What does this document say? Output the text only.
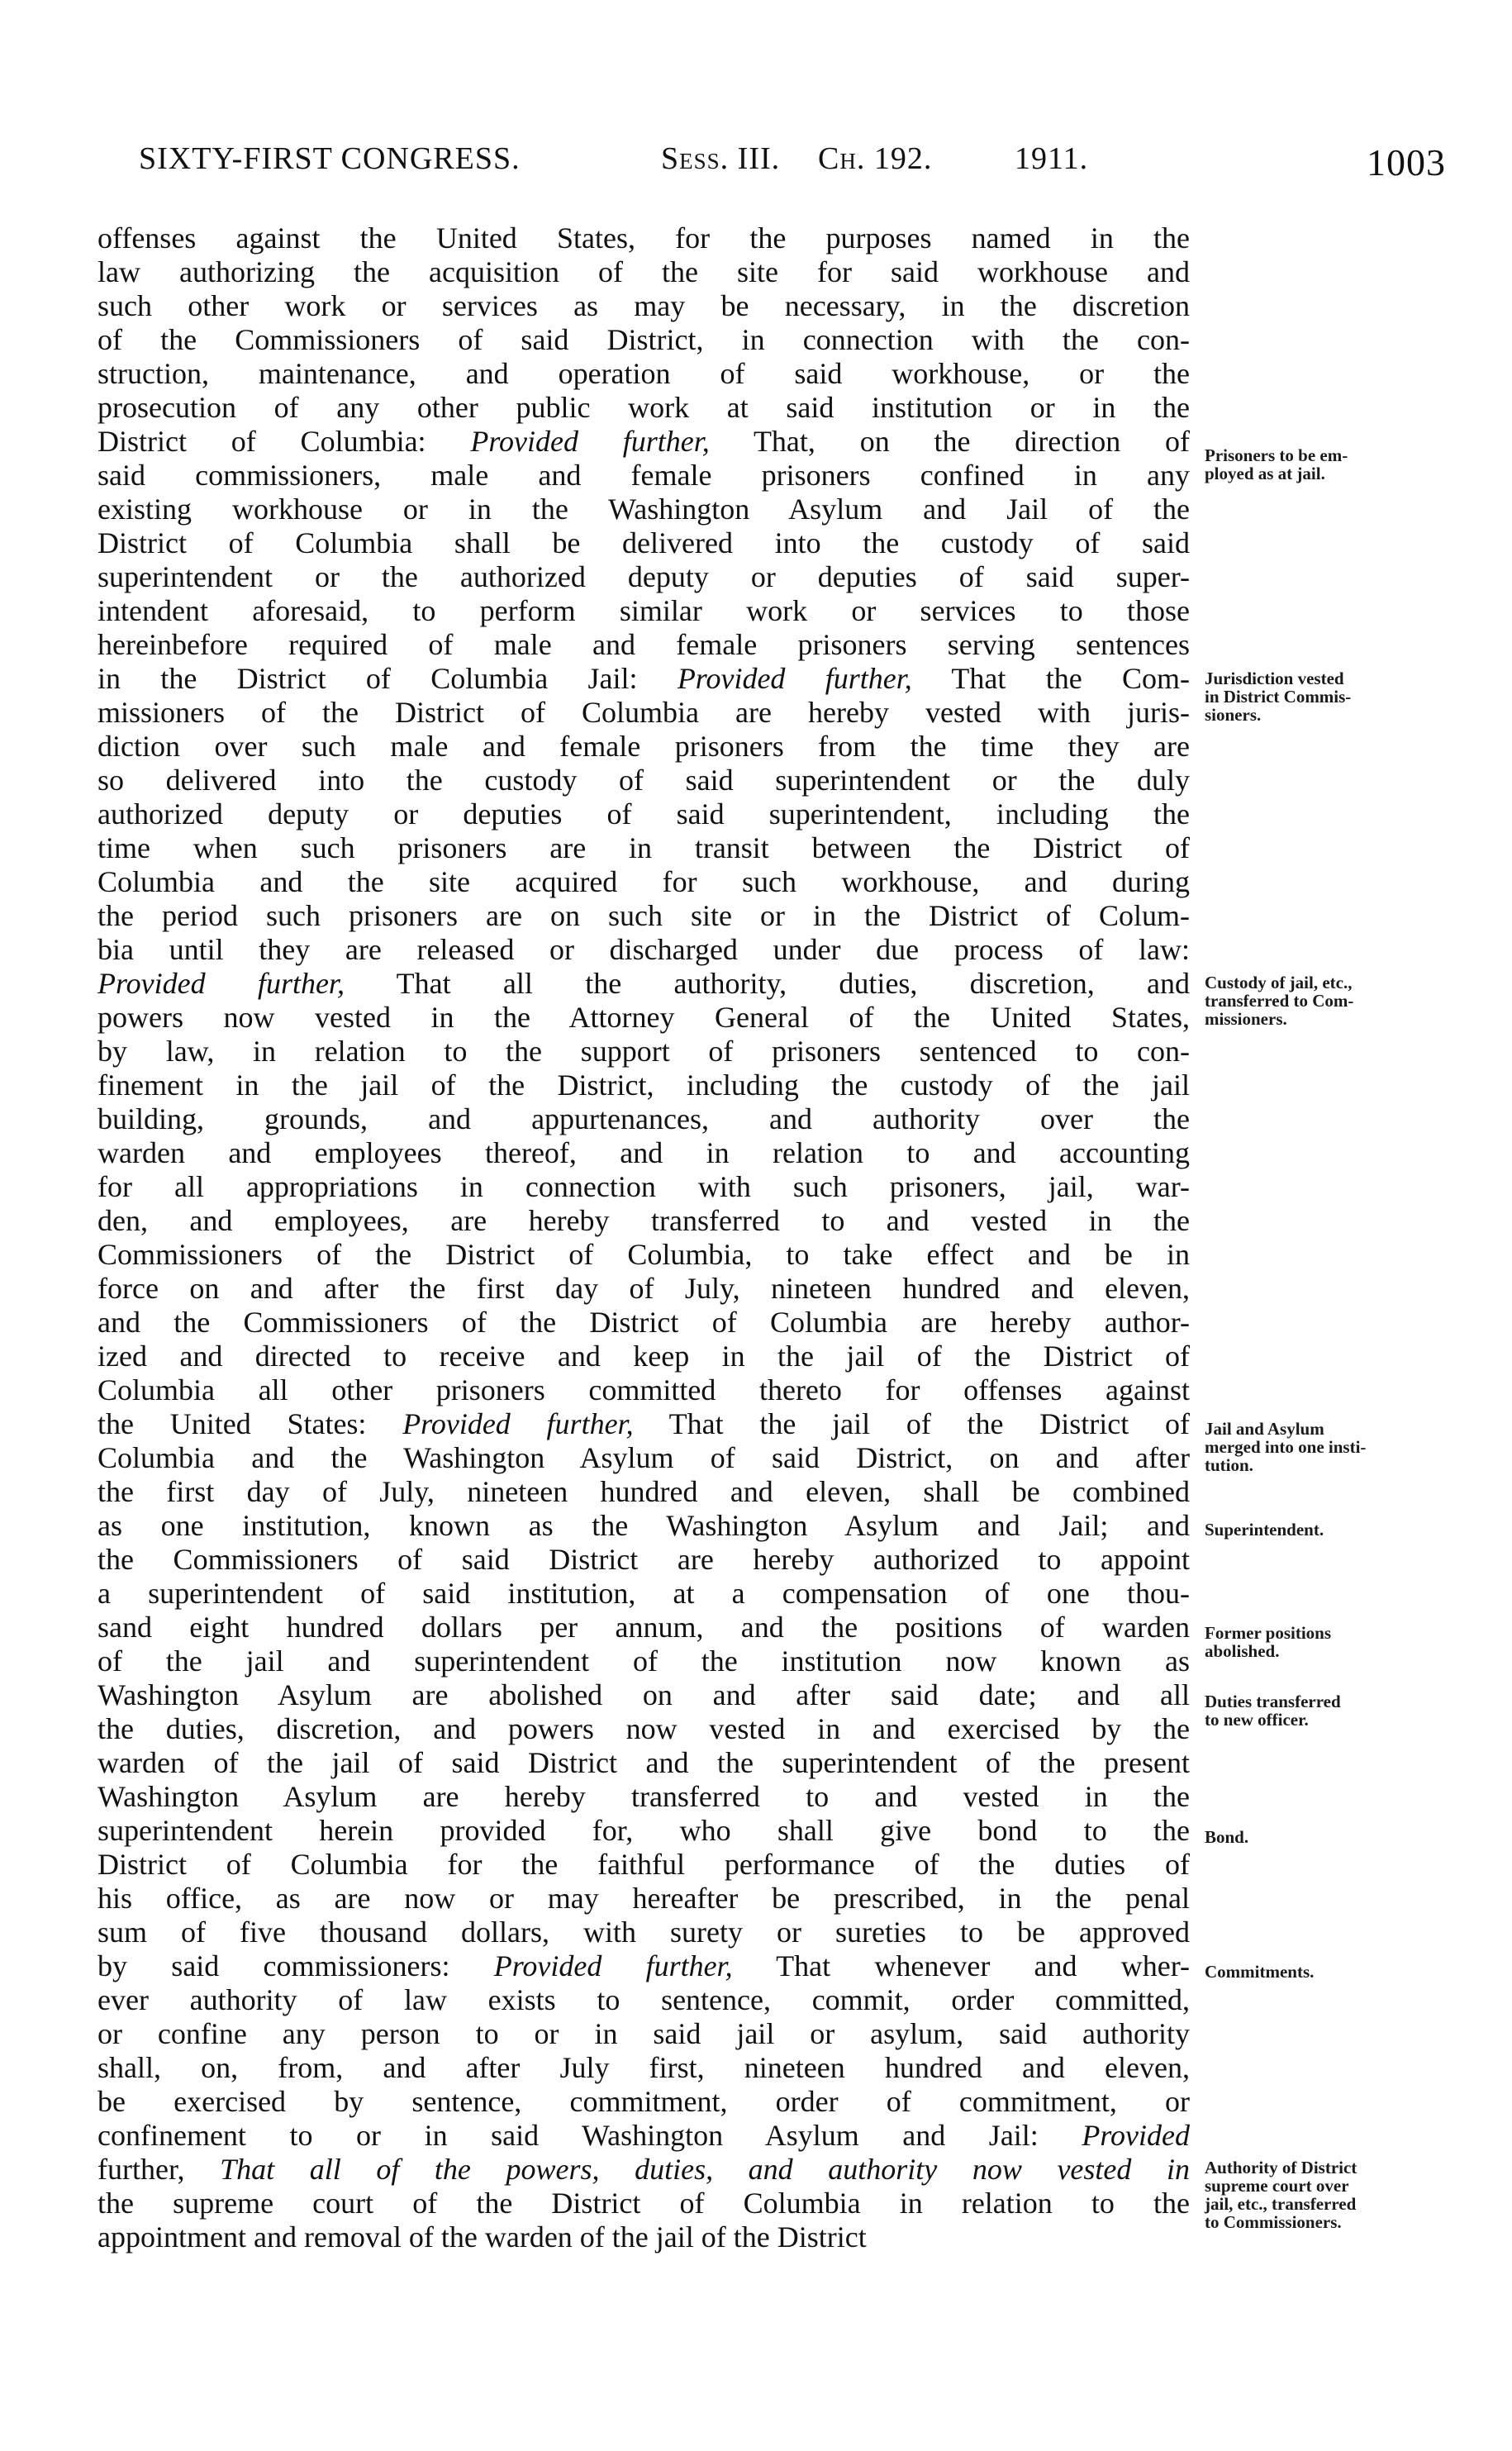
SIXTY-FIRST CONGRESS.	Sess. III. Ch. 192.	1911.	1003
offenses against the United States, for the purposes named in the
law authorizing the acquisition of the site for said workhouse and
such other work or services as may be necessary, in the discretion
of the Commissioners of said District, in connection with the con-
struction, maintenance, and operation of said workhouse, or the
prosecution of any other public work at said institution or in the
District of Columbia: Provided further, That, on the direction of
said commissioners, male and female prisoners confined in any
existing workhouse or in the Washington Asylum and Jail of the
District of Columbia shall be delivered into the custody of said
superintendent or the authorized deputy or deputies of said super-
intendent aforesaid, to perform similar work or services to those
hereinbefore required of male and female prisoners serving sentences
in the District of Columbia Jail: Provided further, That the Com-
missioners of the District of Columbia are hereby vested with juris-
diction over such male and female prisoners from the time they are
so delivered into the custody of said superintendent or the duly
authorized deputy or deputies of said superintendent, including the
time when such prisoners are in transit between the District of
Columbia and the site acquired for such workhouse, and during
the period such prisoners are on such site or in the District of Colum-
bia until they are released or discharged under due process of law:
Provided further, That all the authority, duties, discretion, and
powers now vested in the Attorney General of the United States,
by law, in relation to the support of prisoners sentenced to con-
finement in the jail of the District, including the custody of the jail
building, grounds, and appurtenances, and authority over the
warden and employees thereof, and in relation to and accounting
for all appropriations in connection with such prisoners, jail, war-
den, and employees, are hereby transferred to and vested in the
Commissioners of the District of Columbia, to take effect and be in
force on and after the first day of July, nineteen hundred and eleven,
and the Commissioners of the District of Columbia are hereby author-
ized and directed to receive and keep in the jail of the District of
Columbia all other prisoners committed thereto for offenses against
the United States: Provided further, That the jail of the District of
Columbia and the Washington Asylum of said District, on and after
the first day of July, nineteen hundred and eleven, shall be combined
as one institution, known as the Washington Asylum and Jail; and
the Commissioners of said District are hereby authorized to appoint
a superintendent of said institution, at a compensation of one thou-
sand eight hundred dollars per annum, and the positions of warden
of the jail and superintendent of the institution now known as
Washington Asylum are abolished on and after said date; and all
the duties, discretion, and powers now vested in and exercised by the
warden of the jail of said District and the superintendent of the present
Washington Asylum are hereby transferred to and vested in the
superintendent herein provided for, who shall give bond to the
District of Columbia for the faithful performance of the duties of
his office, as are now or may hereafter be prescribed, in the penal
sum of five thousand dollars, with surety or sureties to be approved
by said commissioners: Provided further, That whenever and wher-
ever authority of law exists to sentence, commit, order committed,
or confine any person to or in said jail or asylum, said authority
shall, on, from, and after July first, nineteen hundred and eleven,
be exercised by sentence, commitment, order of commitment, or
confinement to or in said Washington Asylum and Jail: Provided
further, That all of the powers, duties, and authority now vested in
the supreme court of the District of Columbia in relation to the
appointment and removal of the warden of the jail of the District
Prisoners to be em-
ployed as at jail.
Jurisdiction vested
in District Commis-
sioners.
Custody of jail, etc.,
transferred to Com-
missioners.
Jail and Asylum
merged into one insti-
tution.
Superintendent.
Former positions
abolished.
Duties transferred
to new officer.
Bond.
Commitments.
Authority of District
supreme court over
jail, etc., transferred
to Commissioners.
